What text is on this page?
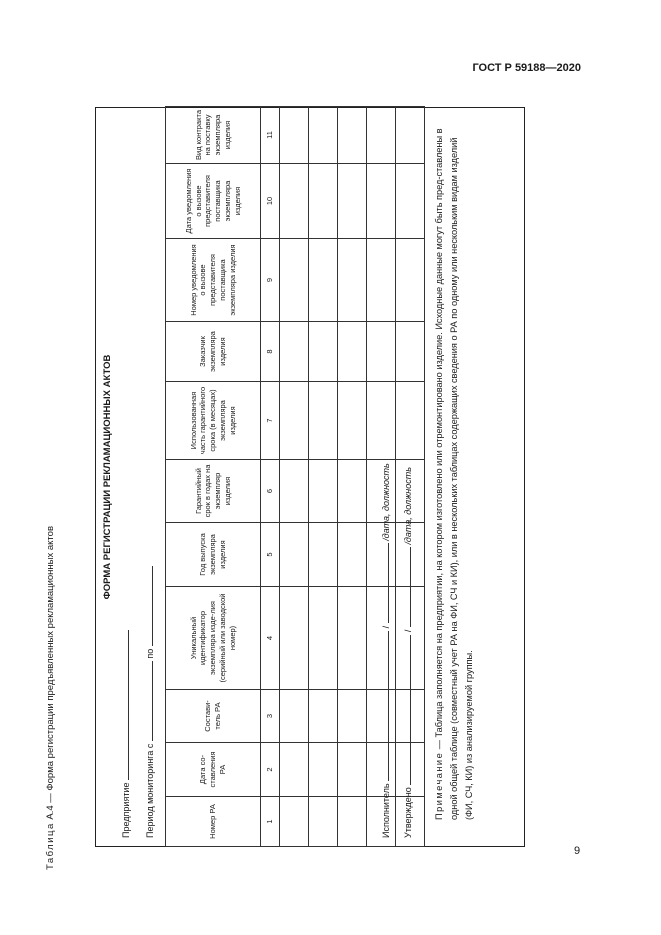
ГОСТ Р 59188—2020
Таблица А.4 — Форма регистрации предъявленных рекламационных актов
ФОРМА РЕГИСТРАЦИИ РЕКЛАМАЦИОННЫХ АКТОВ
Предприятие Период мониторинга с  по
Номер РА	Дата со-ставления РА	Состави-тель РА	Уникальный идентификатор экземпляра изде-лия (серийный или заводской номер)	Год выпуска экземпляра изделия	Гарантийный срок в годах на экземпляр изделия	Использованная часть гарантийного срока (в месяцах) экземпляра изделия	Заказчик экземпляра изделия	Номер уведомления о вызове представителя поставщика экземпляра изделия	Дата уведомления о вызове представителя поставщика экземпляра изделия	Вид контракта на поставку экземпляра изделия
1	2	3	4	5	6	7	8	9	10	11

Исполнитель  /  /дата, должность
Утверждено  /  /дата, должность
Примечание — Таблица заполняется на предприятии, на котором изготовлено или отремонтировано изделие. Исходные данные могут быть пред-ставлены в одной общей таблице (совместный учет РА на ФИ, СЧ и КИ), или в нескольких таблицах содержащих сведения о РА по одному или нескольким видам изделий (ФИ, СЧ, КИ) из анализируемой группы.
9
